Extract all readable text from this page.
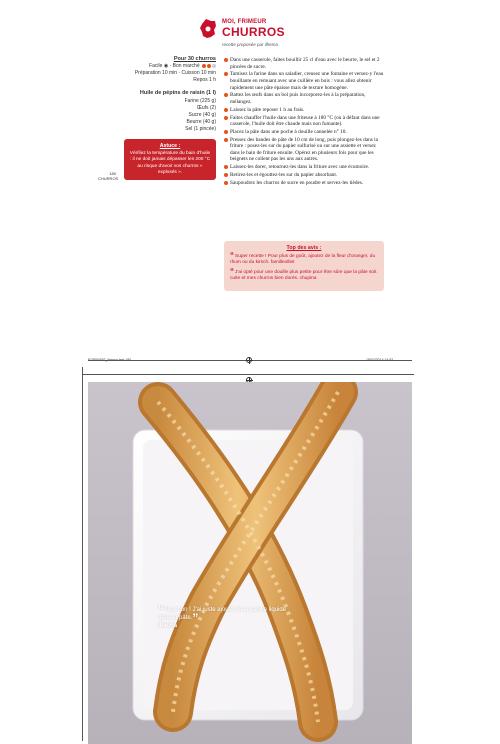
MOI, FRIMEUR
CHURROS
recette proposée par ilhema
Pour 30 churros
Facile ◉ · Bon marché
Préparation 10 min · Cuisson 10 min
Repos 1 h
Huile de pépins de raisin (1 l)
Farine (225 g)
Œufs (2)
Sucre (40 g)
Beurre (40 g)
Sel (1 pincée)
Astuce :
Vérifiez la température du bain d'huile : il ne doit jamais dépasser les 200 °C au risque d'avoir vos churros « explosés ».
180
CHURROS
Dans une casserole, faites bouillir 25 cl d'eau avec le beurre, le sel et 2 pincées de sucre.
Tamisez la farine dans un saladier, creusez une fontaine et versez-y l'eau bouillante en remuant avec une cuillère en bois : vous allez obtenir rapidement une pâte épaisse mais de texture homogène.
Battez les œufs dans un bol puis incorporez-les à la préparation, mélangez.
Laissez la pâte reposer 1 h au frais.
Faites chauffer l'huile dans une friteuse à 180 °C (ou à défaut dans une casserole, l'huile doit être chaude mais non fumante).
Placez la pâte dans une poche à douille cannelée n° 10.
Pressez des bandes de pâte de 10 cm de long, puis plongez-les dans la friture : posez-les sur du papier sulfurisé ou sur une assiette et versez dans le bain de friture ensuite. Opérez en plusieurs fois pour que les beignets ne collent pas les uns aux autres.
Laissez-les dorer, retournez-les dans la friture avec une écumoire.
Retirez-les et égouttez-les sur du papier absorbant.
Saupoudrez les churros de sucre en poudre et servez-les tièdes.
Top des avis :
“Super recette ! Pour plus de goût, ajoutez de la fleur d'oranger, du rhum ou du kirsch. familleolliet
“J'ai opté pour une douille plus petite pour être sûre que la pâte soit cuite et mes churros bien dorés. chupina
EOFR0452_ilhema text 180	18/02/2014 14:52
“Très bon ! J'ai juste ajouté de la vanille liquide dans la pâte.”
Ilhema
